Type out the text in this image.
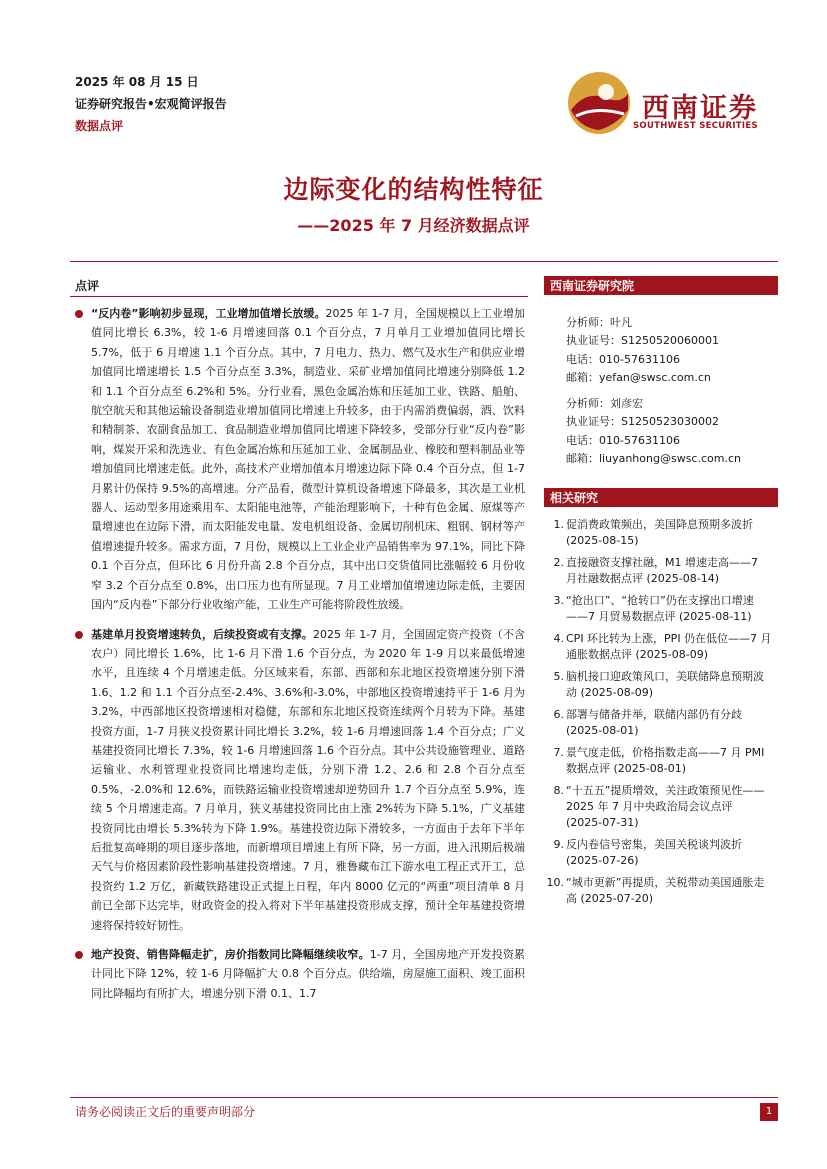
2025 年 08 月 15 日
证券研究报告•宏观简评报告
数据点评
西南证券
SOUTHWEST SECURITIES
边际变化的结构性特征
——2025 年 7 月经济数据点评
点评
“反内卷”影响初步显现，工业增加值增长放缓。2025 年 1-7 月，全国规模以上工业增加值同比增长 6.3%，较 1-6 月增速回落 0.1 个百分点，7 月单月工业增加值同比增长 5.7%，低于 6 月增速 1.1 个百分点。其中，7 月电力、热力、燃气及水生产和供应业增加值同比增速增长 1.5 个百分点至 3.3%，制造业、采矿业增加值同比增速分别降低 1.2 和 1.1 个百分点至 6.2%和 5%。分行业看，黑色金属冶炼和压延加工业、铁路、船舶、航空航天和其他运输设备制造业增加值同比增速上升较多，由于内需消费偏弱，酒、饮料和精制茶、农副食品加工、食品制造业增加值同比增速下降较多，受部分行业“反内卷”影响，煤炭开采和洗选业、有色金属冶炼和压延加工业、金属制品业、橡胶和塑料制品业等增加值同比增速走低。此外，高技术产业增加值本月增速边际下降 0.4 个百分点，但 1-7 月累计仍保持 9.5%的高增速。分产品看，微型计算机设备增速下降最多，其次是工业机器人、运动型多用途乘用车、太阳能电池等，产能治理影响下，十种有色金属、原煤等产量增速也在边际下滑，而太阳能发电量、发电机组设备、金属切削机床、粗钢、钢材等产值增速提升较多。需求方面，7 月份，规模以上工业企业产品销售率为 97.1%，同比下降 0.1 个百分点，但环比 6 月份升高 2.8 个百分点，其中出口交货值同比涨幅较 6 月份收窄 3.2 个百分点至 0.8%，出口压力也有所显现。7 月工业增加值增速边际走低，主要因国内“反内卷”下部分行业收缩产能，工业生产可能将阶段性放缓。
基建单月投资增速转负，后续投资或有支撑。2025 年 1-7 月，全国固定资产投资（不含农户）同比增长 1.6%，比 1-6 月下滑 1.6 个百分点，为 2020 年 1-9 月以来最低增速水平，且连续 4 个月增速走低。分区域来看，东部、西部和东北地区投资增速分别下滑 1.6、1.2 和 1.1 个百分点至-2.4%、3.6%和-3.0%，中部地区投资增速持平于 1-6 月为 3.2%，中西部地区投资增速相对稳健，东部和东北地区投资连续两个月转为下降。基建投资方面，1-7 月狭义投资累计同比增长 3.2%，较 1-6 月增速回落 1.4 个百分点；广义基建投资同比增长 7.3%，较 1-6 月增速回落 1.6 个百分点。其中公共设施管理业、道路运输业、水利管理业投资同比增速均走低，分别下滑 1.2、2.6 和 2.8 个百分点至 0.5%、-2.0%和 12.6%，而铁路运输业投资增速却逆势回升 1.7 个百分点至 5.9%，连续 5 个月增速走高。7 月单月，狭义基建投资同比由上涨 2%转为下降 5.1%，广义基建投资同比由增长 5.3%转为下降 1.9%。基建投资边际下滑较多，一方面由于去年下半年后批复高峰期的项目逐步落地，而新增项目增速上有所下降，另一方面，进入汛期后极端天气与价格因素阶段性影响基建投资增速。7 月，雅鲁藏布江下游水电工程正式开工，总投资约 1.2 万亿，新藏铁路建设正式提上日程，年内 8000 亿元的“两重”项目清单 8 月前已全部下达完毕，财政资金的投入将对下半年基建投资形成支撑，预计全年基建投资增速将保持较好韧性。
地产投资、销售降幅走扩，房价指数同比降幅继续收窄。1-7 月，全国房地产开发投资累计同比下降 12%，较 1-6 月降幅扩大 0.8 个百分点。供给端，房屋施工面积、竣工面积同比降幅均有所扩大，增速分别下滑 0.1、1.7
西南证券研究院
分析师：叶凡
执业证号：S1250520060001
电话：010-57631106
邮箱：yefan@swsc.com.cn
分析师：刘彦宏
执业证号：S1250523030002
电话：010-57631106
邮箱：liuyanhong@swsc.com.cn
相关研究
1. 促消费政策频出，美国降息预期多波折 (2025-08-15)
2. 直接融资支撑社融，M1 增速走高——7 月社融数据点评 (2025-08-14)
3. “抢出口”、“抢转口”仍在支撑出口增速——7 月贸易数据点评 (2025-08-11)
4. CPI 环比转为上涨，PPI 仍在低位——7 月通胀数据点评 (2025-08-09)
5. 脑机接口迎政策风口，美联储降息预期波动 (2025-08-09)
6. 部署与储备并举，联储内部仍有分歧 (2025-08-01)
7. 景气度走低，价格指数走高——7 月 PMI 数据点评 (2025-08-01)
8. “十五五”提质增效，关注政策预见性——2025 年 7 月中央政治局会议点评 (2025-07-31)
9. 反内卷信号密集，美国关税谈判波折 (2025-07-26)
10. “城市更新”再提质，关税带动美国通胀走高 (2025-07-20)
请务必阅读正文后的重要声明部分	1
